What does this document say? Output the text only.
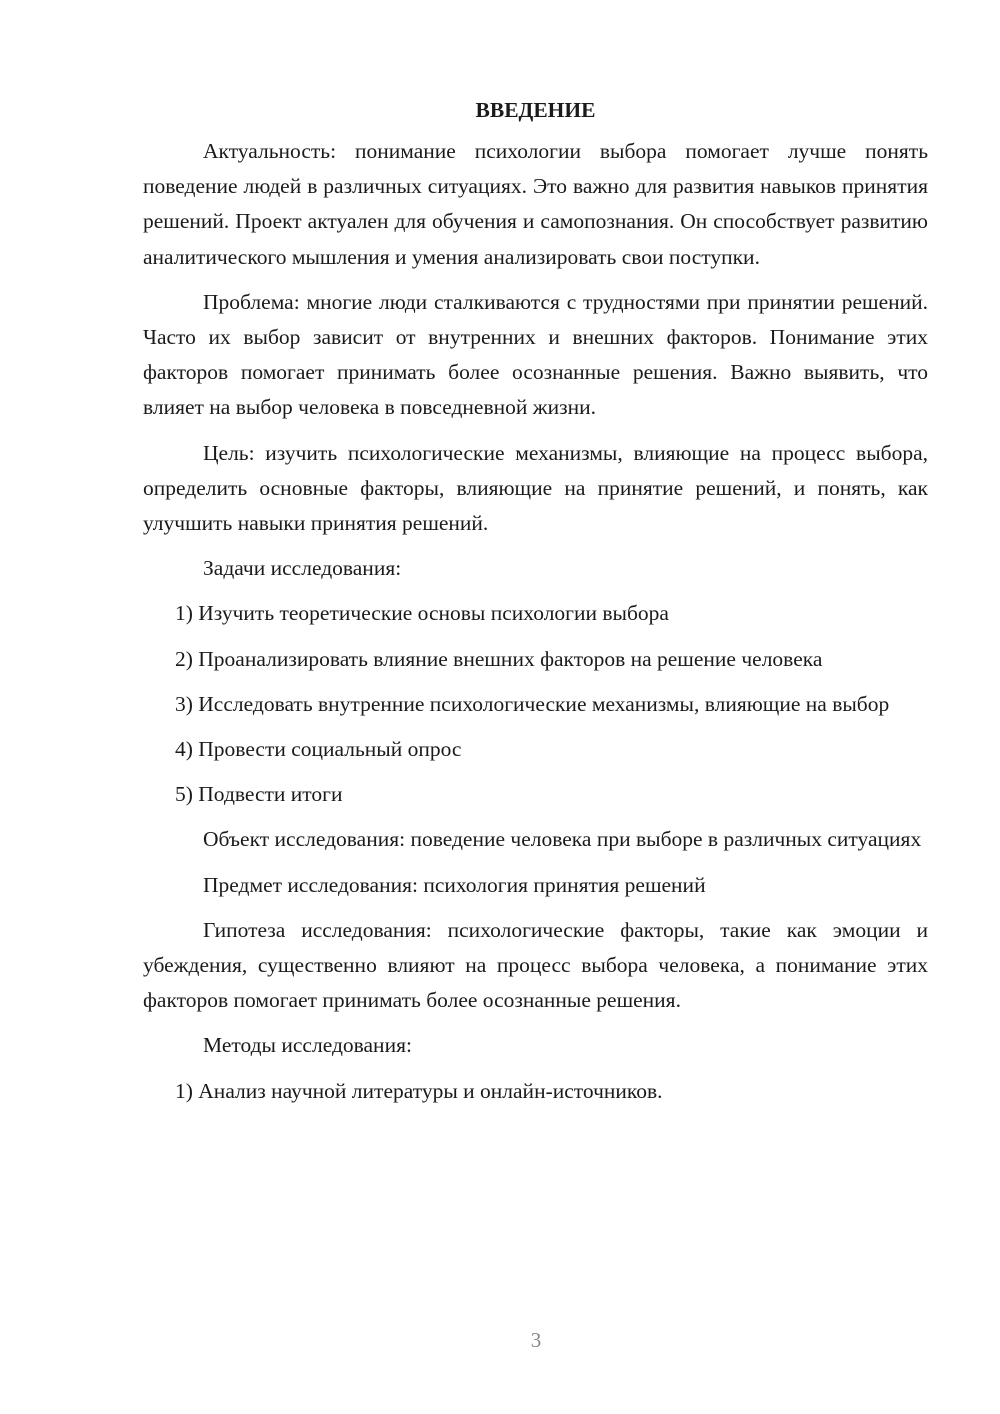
ВВЕДЕНИЕ

Актуальность: понимание психологии выбора помогает лучше понять поведение людей в различных ситуациях. Это важно для развития навыков принятия решений. Проект актуален для обучения и самопознания. Он способствует развитию аналитического мышления и умения анализировать свои поступки.

Проблема: многие люди сталкиваются с трудностями при принятии решений. Часто их выбор зависит от внутренних и внешних факторов. Понимание этих факторов помогает принимать более осознанные решения. Важно выявить, что влияет на выбор человека в повседневной жизни.

Цель: изучить психологические механизмы, влияющие на процесс выбора, определить основные факторы, влияющие на принятие решений, и понять, как улучшить навыки принятия решений.

Задачи исследования:

1) Изучить теоретические основы психологии выбора

2) Проанализировать влияние внешних факторов на решение человека

3) Исследовать внутренние психологические механизмы, влияющие на выбор

4) Провести социальный опрос

5) Подвести итоги

Объект исследования: поведение человека при выборе в различных ситуациях

Предмет исследования: психология принятия решений

Гипотеза исследования: психологические факторы, такие как эмоции и убеждения, существенно влияют на процесс выбора человека, а понимание этих факторов помогает принимать более осознанные решения.

Методы исследования:

1) Анализ научной литературы и онлайн-источников.

3
